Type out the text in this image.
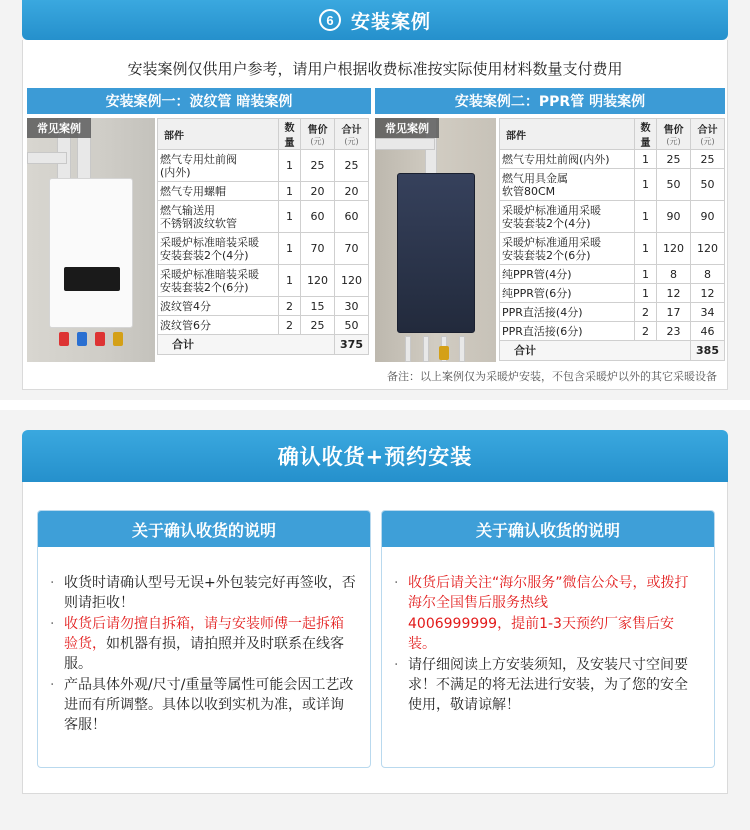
6 安装案例
安装案例仅供用户参考，请用户根据收费标准按实际使用材料数量支付费用
安装案例一：波纹管 暗装案例	安装案例二：PPR管 明装案例
常见案例
部件	数量	售价(元)	合计(元)
燃气专用灶前阀
(内外)	1	25	25
燃气专用螺帽	1	20	20
燃气输送用
不锈钢波纹软管	1	60	60
采暖炉标准暗装采暖
安装套装2个(4分)	1	70	70
采暖炉标准暗装采暖
安装套装2个(6分)	1	120	120
波纹管4分	2	15	30
波纹管6分	2	25	50
合计			375
常见案例
部件	数量	售价(元)	合计(元)
燃气专用灶前阀(内外)	1	25	25
燃气用具金属
软管80CM	1	50	50
采暖炉标准通用采暖
安装套装2个(4分)	1	90	90
采暖炉标准通用采暖
安装套装2个(6分)	1	120	120
纯PPR管(4分)	1	8	8
纯PPR管(6分)	1	12	12
PPR直活接(4分)	2	17	34
PPR直活接(6分)	2	23	46
合计			385
备注：以上案例仅为采暖炉安装，不包含采暖炉以外的其它采暖设备
确认收货+预约安装
关于确认收货的说明
· 收货时请确认型号无误+外包装完好再签收，否则请拒收！
· 收货后请勿擅自拆箱，请与安装师傅一起拆箱验货，如机器有损，请拍照并及时联系在线客服。
· 产品具体外观/尺寸/重量等属性可能会因工艺改进而有所调整。具体以收到实机为准，或详询客服！
关于确认收货的说明
· 收货后请关注“海尔服务”微信公众号，或拨打海尔全国售后服务热线
4006999999，提前1-3天预约厂家售后安装。
· 请仔细阅读上方安装须知，及安装尺寸空间要求！不满足的将无法进行安装，为了您的安全使用，敬请谅解！
